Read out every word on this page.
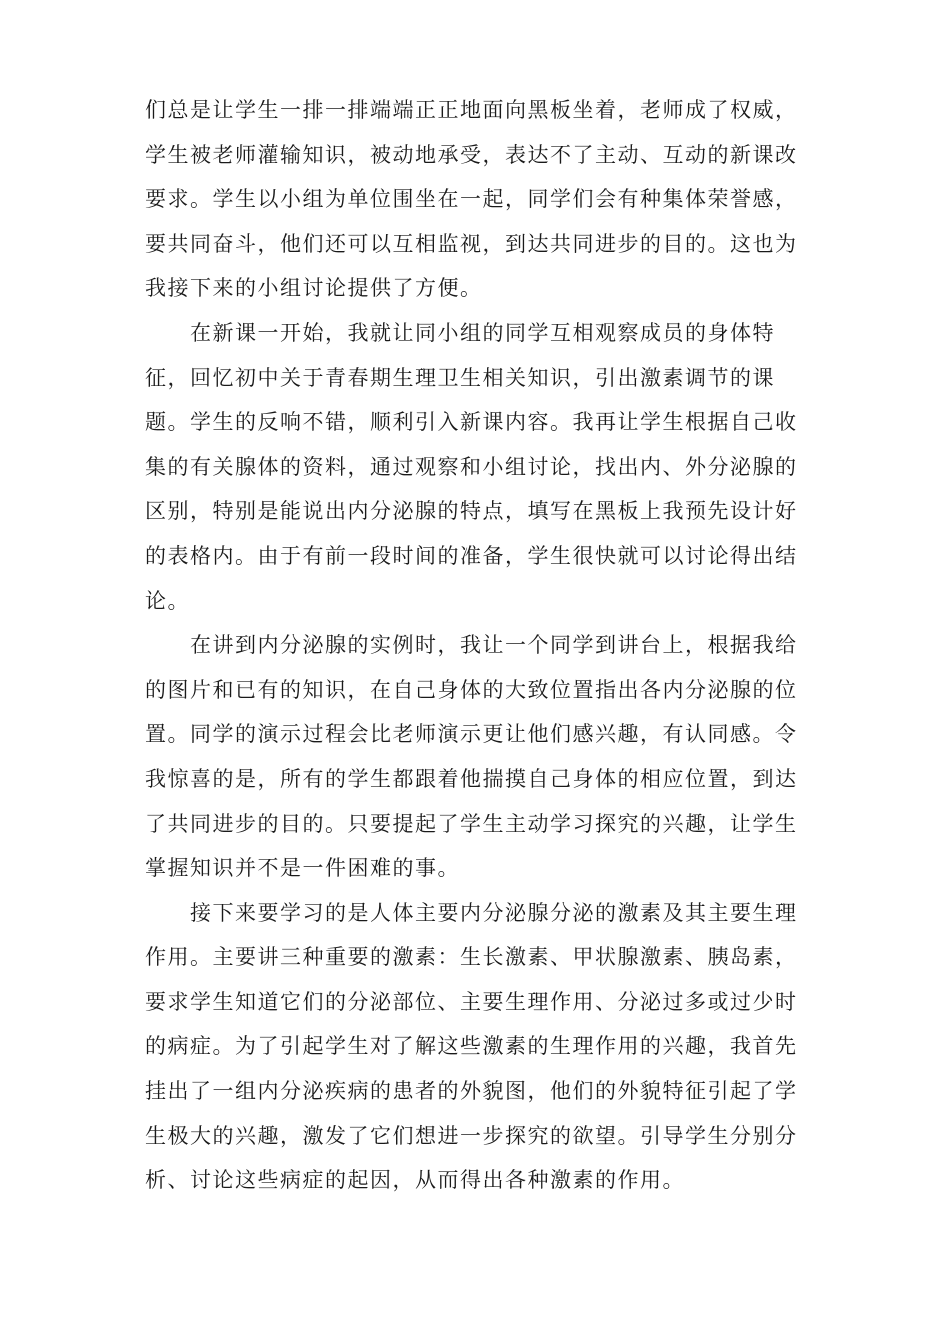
们总是让学生一排一排端端正正地面向黑板坐着，老师成了权威，
学生被老师灌输知识，被动地承受，表达不了主动、互动的新课改
要求。学生以小组为单位围坐在一起，同学们会有种集体荣誉感，
要共同奋斗，他们还可以互相监视，到达共同进步的目的。这也为
我接下来的小组讨论提供了方便。
　　在新课一开始，我就让同小组的同学互相观察成员的身体特
征，回忆初中关于青春期生理卫生相关知识，引出激素调节的课
题。学生的反响不错，顺利引入新课内容。我再让学生根据自己收
集的有关腺体的资料，通过观察和小组讨论，找出内、外分泌腺的
区别，特别是能说出内分泌腺的特点，填写在黑板上我预先设计好
的表格内。由于有前一段时间的准备，学生很快就可以讨论得出结
论。
　　在讲到内分泌腺的实例时，我让一个同学到讲台上，根据我给
的图片和已有的知识，在自己身体的大致位置指出各内分泌腺的位
置。同学的演示过程会比老师演示更让他们感兴趣，有认同感。令
我惊喜的是，所有的学生都跟着他揣摸自己身体的相应位置，到达
了共同进步的目的。只要提起了学生主动学习探究的兴趣，让学生
掌握知识并不是一件困难的事。
　　接下来要学习的是人体主要内分泌腺分泌的激素及其主要生理
作用。主要讲三种重要的激素：生长激素、甲状腺激素、胰岛素，
要求学生知道它们的分泌部位、主要生理作用、分泌过多或过少时
的病症。为了引起学生对了解这些激素的生理作用的兴趣，我首先
挂出了一组内分泌疾病的患者的外貌图，他们的外貌特征引起了学
生极大的兴趣，激发了它们想进一步探究的欲望。引导学生分别分
析、讨论这些病症的起因，从而得出各种激素的作用。
